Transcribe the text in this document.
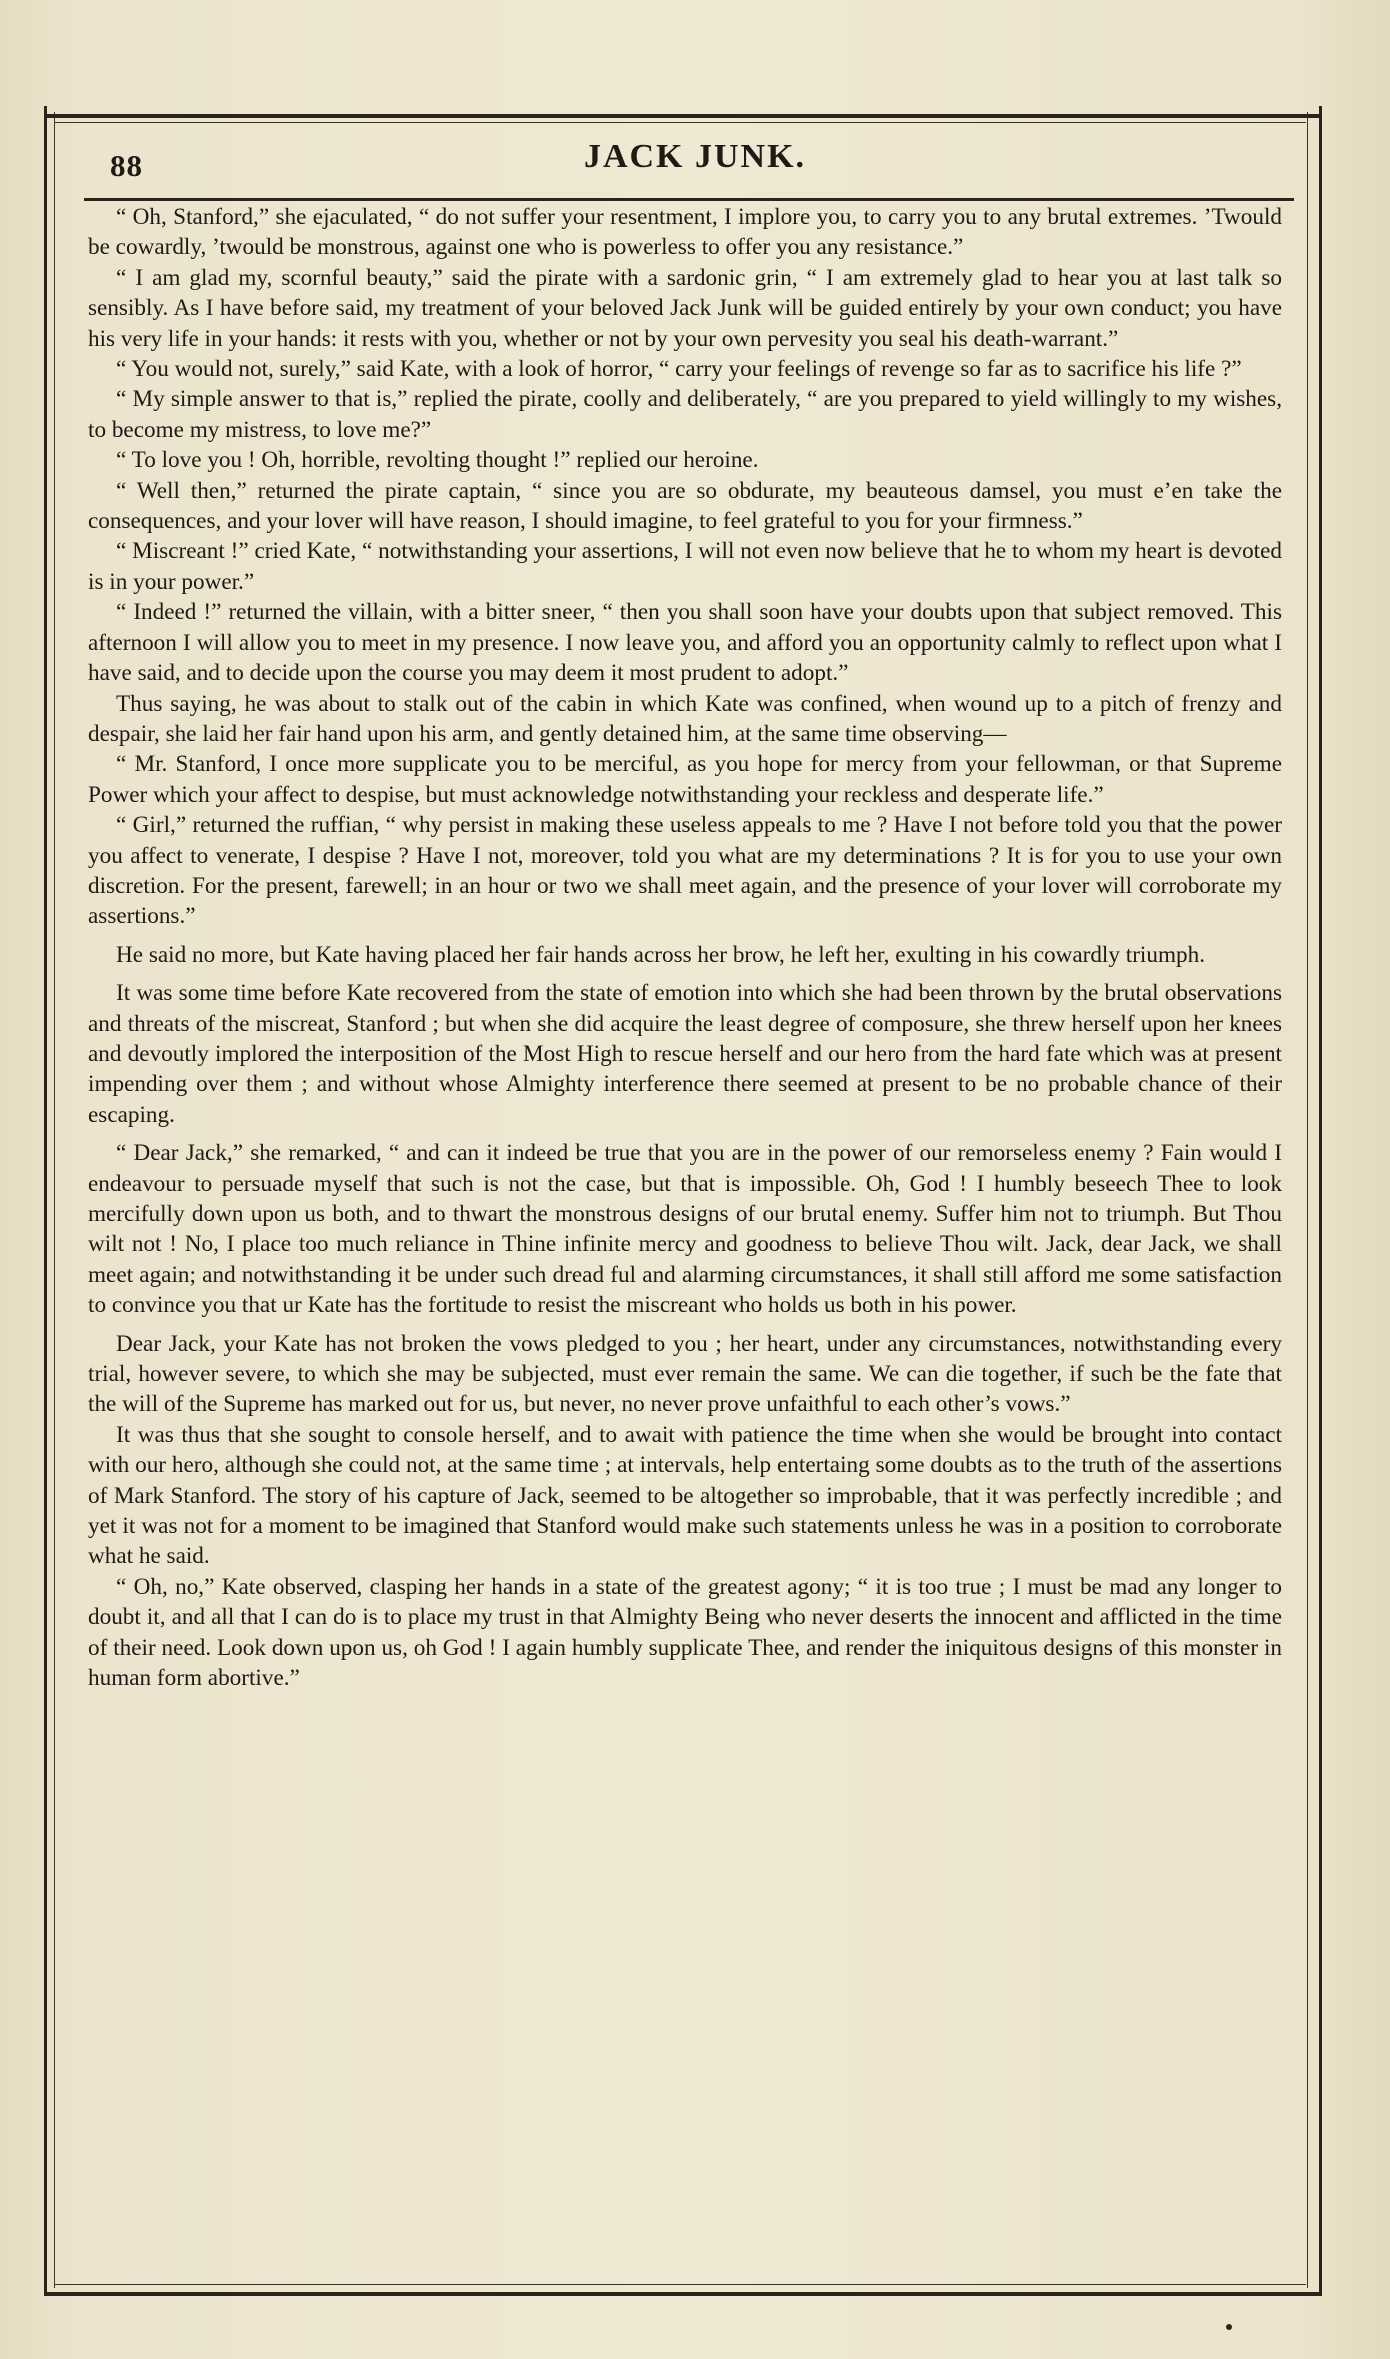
88	JACK JUNK.

“ Oh, Stanford,” she ejaculated, “ do not suffer your resentment, I implore you, to carry you to any brutal extremes. ’Twould be cowardly, ’twould be monstrous, against one who is powerless to offer you any resistance.”

“ I am glad my, scornful beauty,” said the pirate with a sardonic grin, “ I am extremely glad to hear you at last talk so sensibly. As I have before said, my treatment of your beloved Jack Junk will be guided entirely by your own conduct; you have his very life in your hands: it rests with you, whether or not by your own pervesity you seal his death-warrant.”

“ You would not, surely,” said Kate, with a look of horror, “ carry your feelings of revenge so far as to sacrifice his life ?”

“ My simple answer to that is,” replied the pirate, coolly and deliberately, “ are you prepared to yield willingly to my wishes, to become my mistress, to love me?”

“ To love you ! Oh, horrible, revolting thought !” replied our heroine.

“ Well then,” returned the pirate captain, “ since you are so obdurate, my beauteous damsel, you must e’en take the consequences, and your lover will have reason, I should imagine, to feel grateful to you for your firmness.”

“ Miscreant !” cried Kate, “ notwithstanding your assertions, I will not even now believe that he to whom my heart is devoted is in your power.”

“ Indeed !” returned the villain, with a bitter sneer, “ then you shall soon have your doubts upon that subject removed. This afternoon I will allow you to meet in my presence. I now leave you, and afford you an opportunity calmly to reflect upon what I have said, and to decide upon the course you may deem it most prudent to adopt.”

Thus saying, he was about to stalk out of the cabin in which Kate was confined, when wound up to a pitch of frenzy and despair, she laid her fair hand upon his arm, and gently detained him, at the same time observing—

“ Mr. Stanford, I once more supplicate you to be merciful, as you hope for mercy from your fellowman, or that Supreme Power which your affect to despise, but must acknowledge notwithstanding your reckless and desperate life.”

“ Girl,” returned the ruffian, “ why persist in making these useless appeals to me ? Have I not before told you that the power you affect to venerate, I despise ? Have I not, moreover, told you what are my determinations ? It is for you to use your own discretion. For the present, farewell; in an hour or two we shall meet again, and the presence of your lover will corroborate my assertions.”

He said no more, but Kate having placed her fair hands across her brow, he left her, exulting in his cowardly triumph.

It was some time before Kate recovered from the state of emotion into which she had been thrown by the brutal observations and threats of the miscreat, Stanford ; but when she did acquire the least degree of composure, she threw herself upon her knees and devoutly implored the interposition of the Most High to rescue herself and our hero from the hard fate which was at present impending over them ; and without whose Almighty interference there seemed at present to be no probable chance of their escaping.

“ Dear Jack,” she remarked, “ and can it indeed be true that you are in the power of our remorseless enemy ? Fain would I endeavour to persuade myself that such is not the case, but that is impossible. Oh, God ! I humbly beseech Thee to look mercifully down upon us both, and to thwart the monstrous designs of our brutal enemy. Suffer him not to triumph. But Thou wilt not ! No, I place too much reliance in Thine infinite mercy and goodness to believe Thou wilt. Jack, dear Jack, we shall meet again; and notwithstanding it be under such dread ful and alarming circumstances, it shall still afford me some satisfaction to convince you that ur Kate has the fortitude to resist the miscreant who holds us both in his power.

Dear Jack, your Kate has not broken the vows pledged to you ; her heart, under any circumstances, notwithstanding every trial, however severe, to which she may be subjected, must ever remain the same. We can die together, if such be the fate that the will of the Supreme has marked out for us, but never, no never prove unfaithful to each other’s vows.”

It was thus that she sought to console herself, and to await with patience the time when she would be brought into contact with our hero, although she could not, at the same time ; at intervals, help entertaing some doubts as to the truth of the assertions of Mark Stanford. The story of his capture of Jack, seemed to be altogether so improbable, that it was perfectly incredible ; and yet it was not for a moment to be imagined that Stanford would make such statements unless he was in a position to corroborate what he said.

“ Oh, no,” Kate observed, clasping her hands in a state of the greatest agony; “ it is too true ; I must be mad any longer to doubt it, and all that I can do is to place my trust in that Almighty Being who never deserts the innocent and afflicted in the time of their need. Look down upon us, oh God ! I again humbly supplicate Thee, and render the iniquitous designs of this monster in human form abortive.”
